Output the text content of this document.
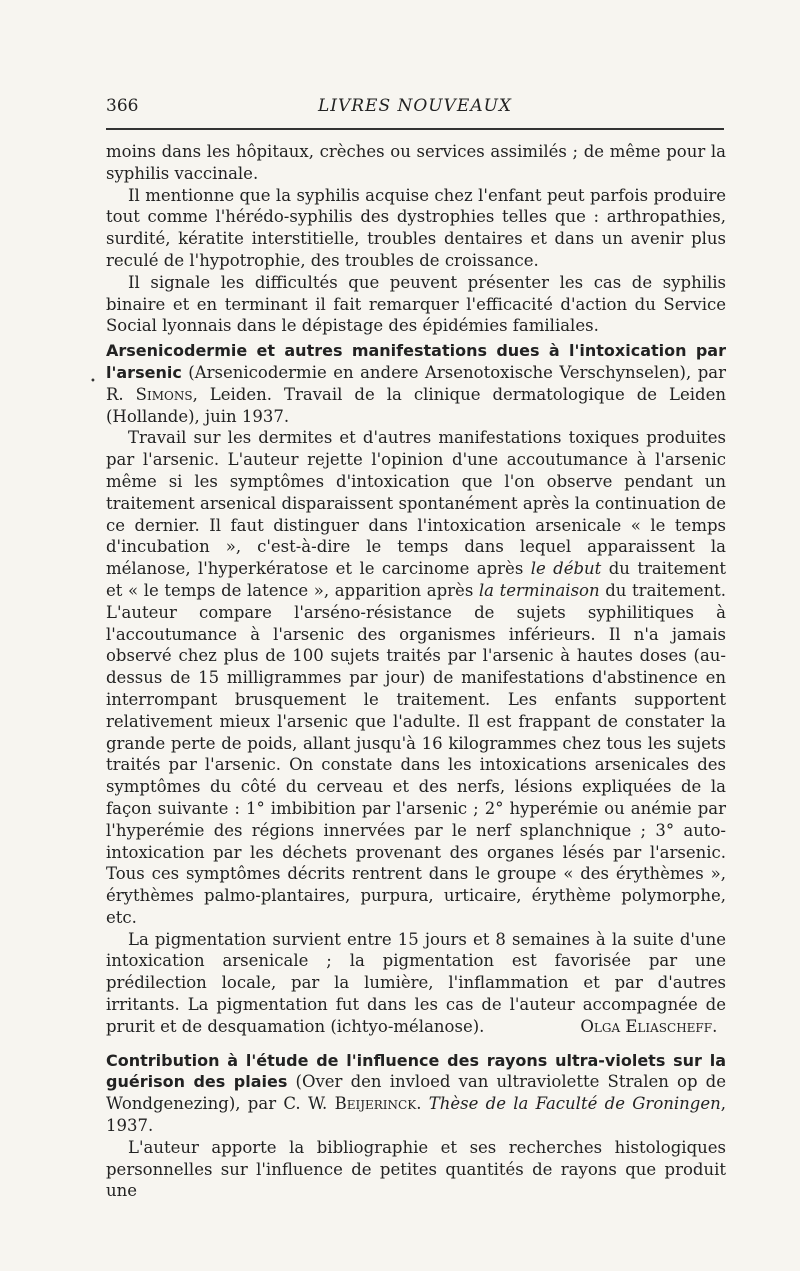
366	LIVRES NOUVEAUX
•

moins dans les hôpitaux, crèches ou services assimilés ; de même pour la syphilis vaccinale.

Il mentionne que la syphilis acquise chez l'enfant peut parfois produire tout comme l'hérédo-syphilis des dystrophies telles que : arthropathies, surdité, kératite interstitielle, troubles dentaires et dans un avenir plus reculé de l'hypotrophie, des troubles de croissance.

Il signale les difficultés que peuvent présenter les cas de syphilis binaire et en terminant il fait remarquer l'efficacité d'action du Service Social lyonnais dans le dépistage des épidémies familiales.

Arsenicodermie et autres manifestations dues à l'intoxication par l'arsenic (Arsenicodermie en andere Arsenotoxische Verschynselen), par R. Simons, Leiden. Travail de la clinique dermatologique de Leiden (Hollande), juin 1937.

Travail sur les dermites et d'autres manifestations toxiques produites par l'arsenic. L'auteur rejette l'opinion d'une accoutumance à l'arsenic même si les symptômes d'intoxication que l'on observe pendant un traitement arsenical disparaissent spontanément après la continuation de ce dernier. Il faut distinguer dans l'intoxication arsenicale « le temps d'incubation », c'est-à-dire le temps dans lequel apparaissent la mélanose, l'hyperkératose et le carcinome après le début du traitement et « le temps de latence », apparition après la terminaison du traitement. L'auteur compare l'arséno-résistance de sujets syphilitiques à l'accoutumance à l'arsenic des organismes inférieurs. Il n'a jamais observé chez plus de 100 sujets traités par l'arsenic à hautes doses (au-dessus de 15 milligrammes par jour) de manifestations d'abstinence en interrompant brusquement le traitement. Les enfants supportent relativement mieux l'arsenic que l'adulte. Il est frappant de constater la grande perte de poids, allant jusqu'à 16 kilogrammes chez tous les sujets traités par l'arsenic. On constate dans les intoxications arsenicales des symptômes du côté du cerveau et des nerfs, lésions expliquées de la façon suivante : 1° imbibition par l'arsenic ; 2° hyperémie ou anémie par l'hyperémie des régions innervées par le nerf splanchnique ; 3° auto-intoxication par les déchets provenant des organes lésés par l'arsenic. Tous ces symptômes décrits rentrent dans le groupe « des érythèmes », érythèmes palmo-plantaires, purpura, urticaire, érythème polymorphe, etc.

La pigmentation survient entre 15 jours et 8 semaines à la suite d'une intoxication arsenicale ; la pigmentation est favorisée par une prédilection locale, par la lumière, l'inflammation et par d'autres irritants. La pigmentation fut dans les cas de l'auteur accompagnée de prurit et de desquamation (ichtyo-mélanose).	Olga Eliascheff.

Contribution à l'étude de l'influence des rayons ultra-violets sur la guérison des plaies (Over den invloed van ultraviolette Stralen op de Wondgenezing), par C. W. Beijerinck. Thèse de la Faculté de Groningen, 1937.

L'auteur apporte la bibliographie et ses recherches histologiques personnelles sur l'influence de petites quantités de rayons que produit une
